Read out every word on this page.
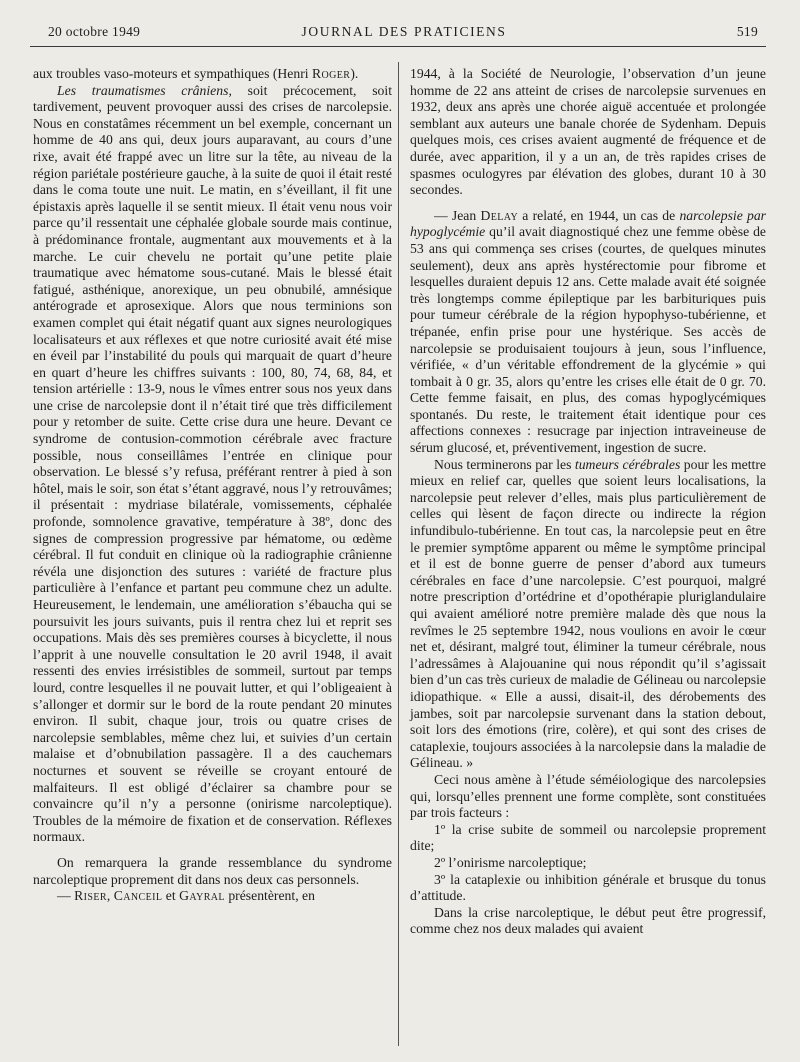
20 octobre 1949	JOURNAL DES PRATICIENS	519

aux troubles vaso-moteurs et sympathiques (Henri Roger).

Les traumatismes crâniens, soit précocement, soit tardivement, peuvent provoquer aussi des crises de narcolepsie. Nous en constatâmes récemment un bel exemple, concernant un homme de 40 ans qui, deux jours auparavant, au cours d’une rixe, avait été frappé avec un litre sur la tête, au niveau de la région pariétale postérieure gauche, à la suite de quoi il était resté dans le coma toute une nuit. Le matin, en s’éveillant, il fit une épistaxis après laquelle il se sentit mieux. Il était venu nous voir parce qu’il ressentait une céphalée globale sourde mais continue, à prédominance frontale, augmentant aux mouvements et à la marche. Le cuir chevelu ne portait qu’une petite plaie traumatique avec hématome sous-cutané. Mais le blessé était fatigué, asthénique, anorexique, un peu obnubilé, amnésique antérograde et aprosexique. Alors que nous terminions son examen complet qui était négatif quant aux signes neurologiques localisateurs et aux réflexes et que notre curiosité avait été mise en éveil par l’instabilité du pouls qui marquait de quart d’heure en quart d’heure les chiffres suivants : 100, 80, 74, 68, 84, et tension artérielle : 13-9, nous le vîmes entrer sous nos yeux dans une crise de narcolepsie dont il n’était tiré que très difficilement pour y retomber de suite. Cette crise dura une heure. Devant ce syndrome de contusion-commotion cérébrale avec fracture possible, nous conseillâmes l’entrée en clinique pour observation. Le blessé s’y refusa, préférant rentrer à pied à son hôtel, mais le soir, son état s’étant aggravé, nous l’y retrouvâmes; il présentait : mydriase bilatérale, vomissements, céphalée profonde, somnolence gravative, température à 38º, donc des signes de compression progressive par hématome, ou œdème cérébral. Il fut conduit en clinique où la radiographie crânienne révéla une disjonction des sutures : variété de fracture plus particulière à l’enfance et partant peu commune chez un adulte. Heureusement, le lendemain, une amélioration s’ébaucha qui se poursuivit les jours suivants, puis il rentra chez lui et reprit ses occupations. Mais dès ses premières courses à bicyclette, il nous l’apprit à une nouvelle consultation le 20 avril 1948, il avait ressenti des envies irrésistibles de sommeil, surtout par temps lourd, contre lesquelles il ne pouvait lutter, et qui l’obligeaient à s’allonger et dormir sur le bord de la route pendant 20 minutes environ. Il subit, chaque jour, trois ou quatre crises de narcolepsie semblables, même chez lui, et suivies d’un certain malaise et d’obnubilation passagère. Il a des cauchemars nocturnes et souvent se réveille se croyant entouré de malfaiteurs. Il est obligé d’éclairer sa chambre pour se convaincre qu’il n’y a personne (onirisme narcoleptique). Troubles de la mémoire de fixation et de conservation. Réflexes normaux.

On remarquera la grande ressemblance du syndrome narcoleptique proprement dit dans nos deux cas personnels.

— Riser, Canceil et Gayral présentèrent, en

1944, à la Société de Neurologie, l’observation d’un jeune homme de 22 ans atteint de crises de narcolepsie survenues en 1932, deux ans après une chorée aiguë accentuée et prolongée semblant aux auteurs une banale chorée de Sydenham. Depuis quelques mois, ces crises avaient augmenté de fréquence et de durée, avec apparition, il y a un an, de très rapides crises de spasmes oculogyres par élévation des globes, durant 10 à 30 secondes.

— Jean Delay a relaté, en 1944, un cas de narcolepsie par hypoglycémie qu’il avait diagnostiqué chez une femme obèse de 53 ans qui commença ses crises (courtes, de quelques minutes seulement), deux ans après hystérectomie pour fibrome et lesquelles duraient depuis 12 ans. Cette malade avait été soignée très longtemps comme épileptique par les barbituriques puis pour tumeur cérébrale de la région hypophyso-tubérienne, et trépanée, enfin prise pour une hystérique. Ses accès de narcolepsie se produisaient toujours à jeun, sous l’influence, vérifiée, « d’un véritable effondrement de la glycémie » qui tombait à 0 gr. 35, alors qu’entre les crises elle était de 0 gr. 70. Cette femme faisait, en plus, des comas hypoglycémiques spontanés. Du reste, le traitement était identique pour ces affections connexes : resucrage par injection intraveineuse de sérum glucosé, et, préventivement, ingestion de sucre.

Nous terminerons par les tumeurs cérébrales pour les mettre mieux en relief car, quelles que soient leurs localisations, la narcolepsie peut relever d’elles, mais plus particulièrement de celles qui lèsent de façon directe ou indirecte la région infundibulo-tubérienne. En tout cas, la narcolepsie peut en être le premier symptôme apparent ou même le symptôme principal et il est de bonne guerre de penser d’abord aux tumeurs cérébrales en face d’une narcolepsie. C’est pourquoi, malgré notre prescription d’ortédrine et d’opothérapie pluriglandulaire qui avaient amélioré notre première malade dès que nous la revîmes le 25 septembre 1942, nous voulions en avoir le cœur net et, désirant, malgré tout, éliminer la tumeur cérébrale, nous l’adressâmes à Alajouanine qui nous répondit qu’il s’agissait bien d’un cas très curieux de maladie de Gélineau ou narcolepsie idiopathique. « Elle a aussi, disait-il, des dérobements des jambes, soit par narcolepsie survenant dans la station debout, soit lors des émotions (rire, colère), et qui sont des crises de cataplexie, toujours associées à la narcolepsie dans la maladie de Gélineau. »

Ceci nous amène à l’étude séméiologique des narcolepsies qui, lorsqu’elles prennent une forme complète, sont constituées par trois facteurs :

1º la crise subite de sommeil ou narcolepsie proprement dite;

2º l’onirisme narcoleptique;

3º la cataplexie ou inhibition générale et brusque du tonus d’attitude.

Dans la crise narcoleptique, le début peut être progressif, comme chez nos deux malades qui avaient
